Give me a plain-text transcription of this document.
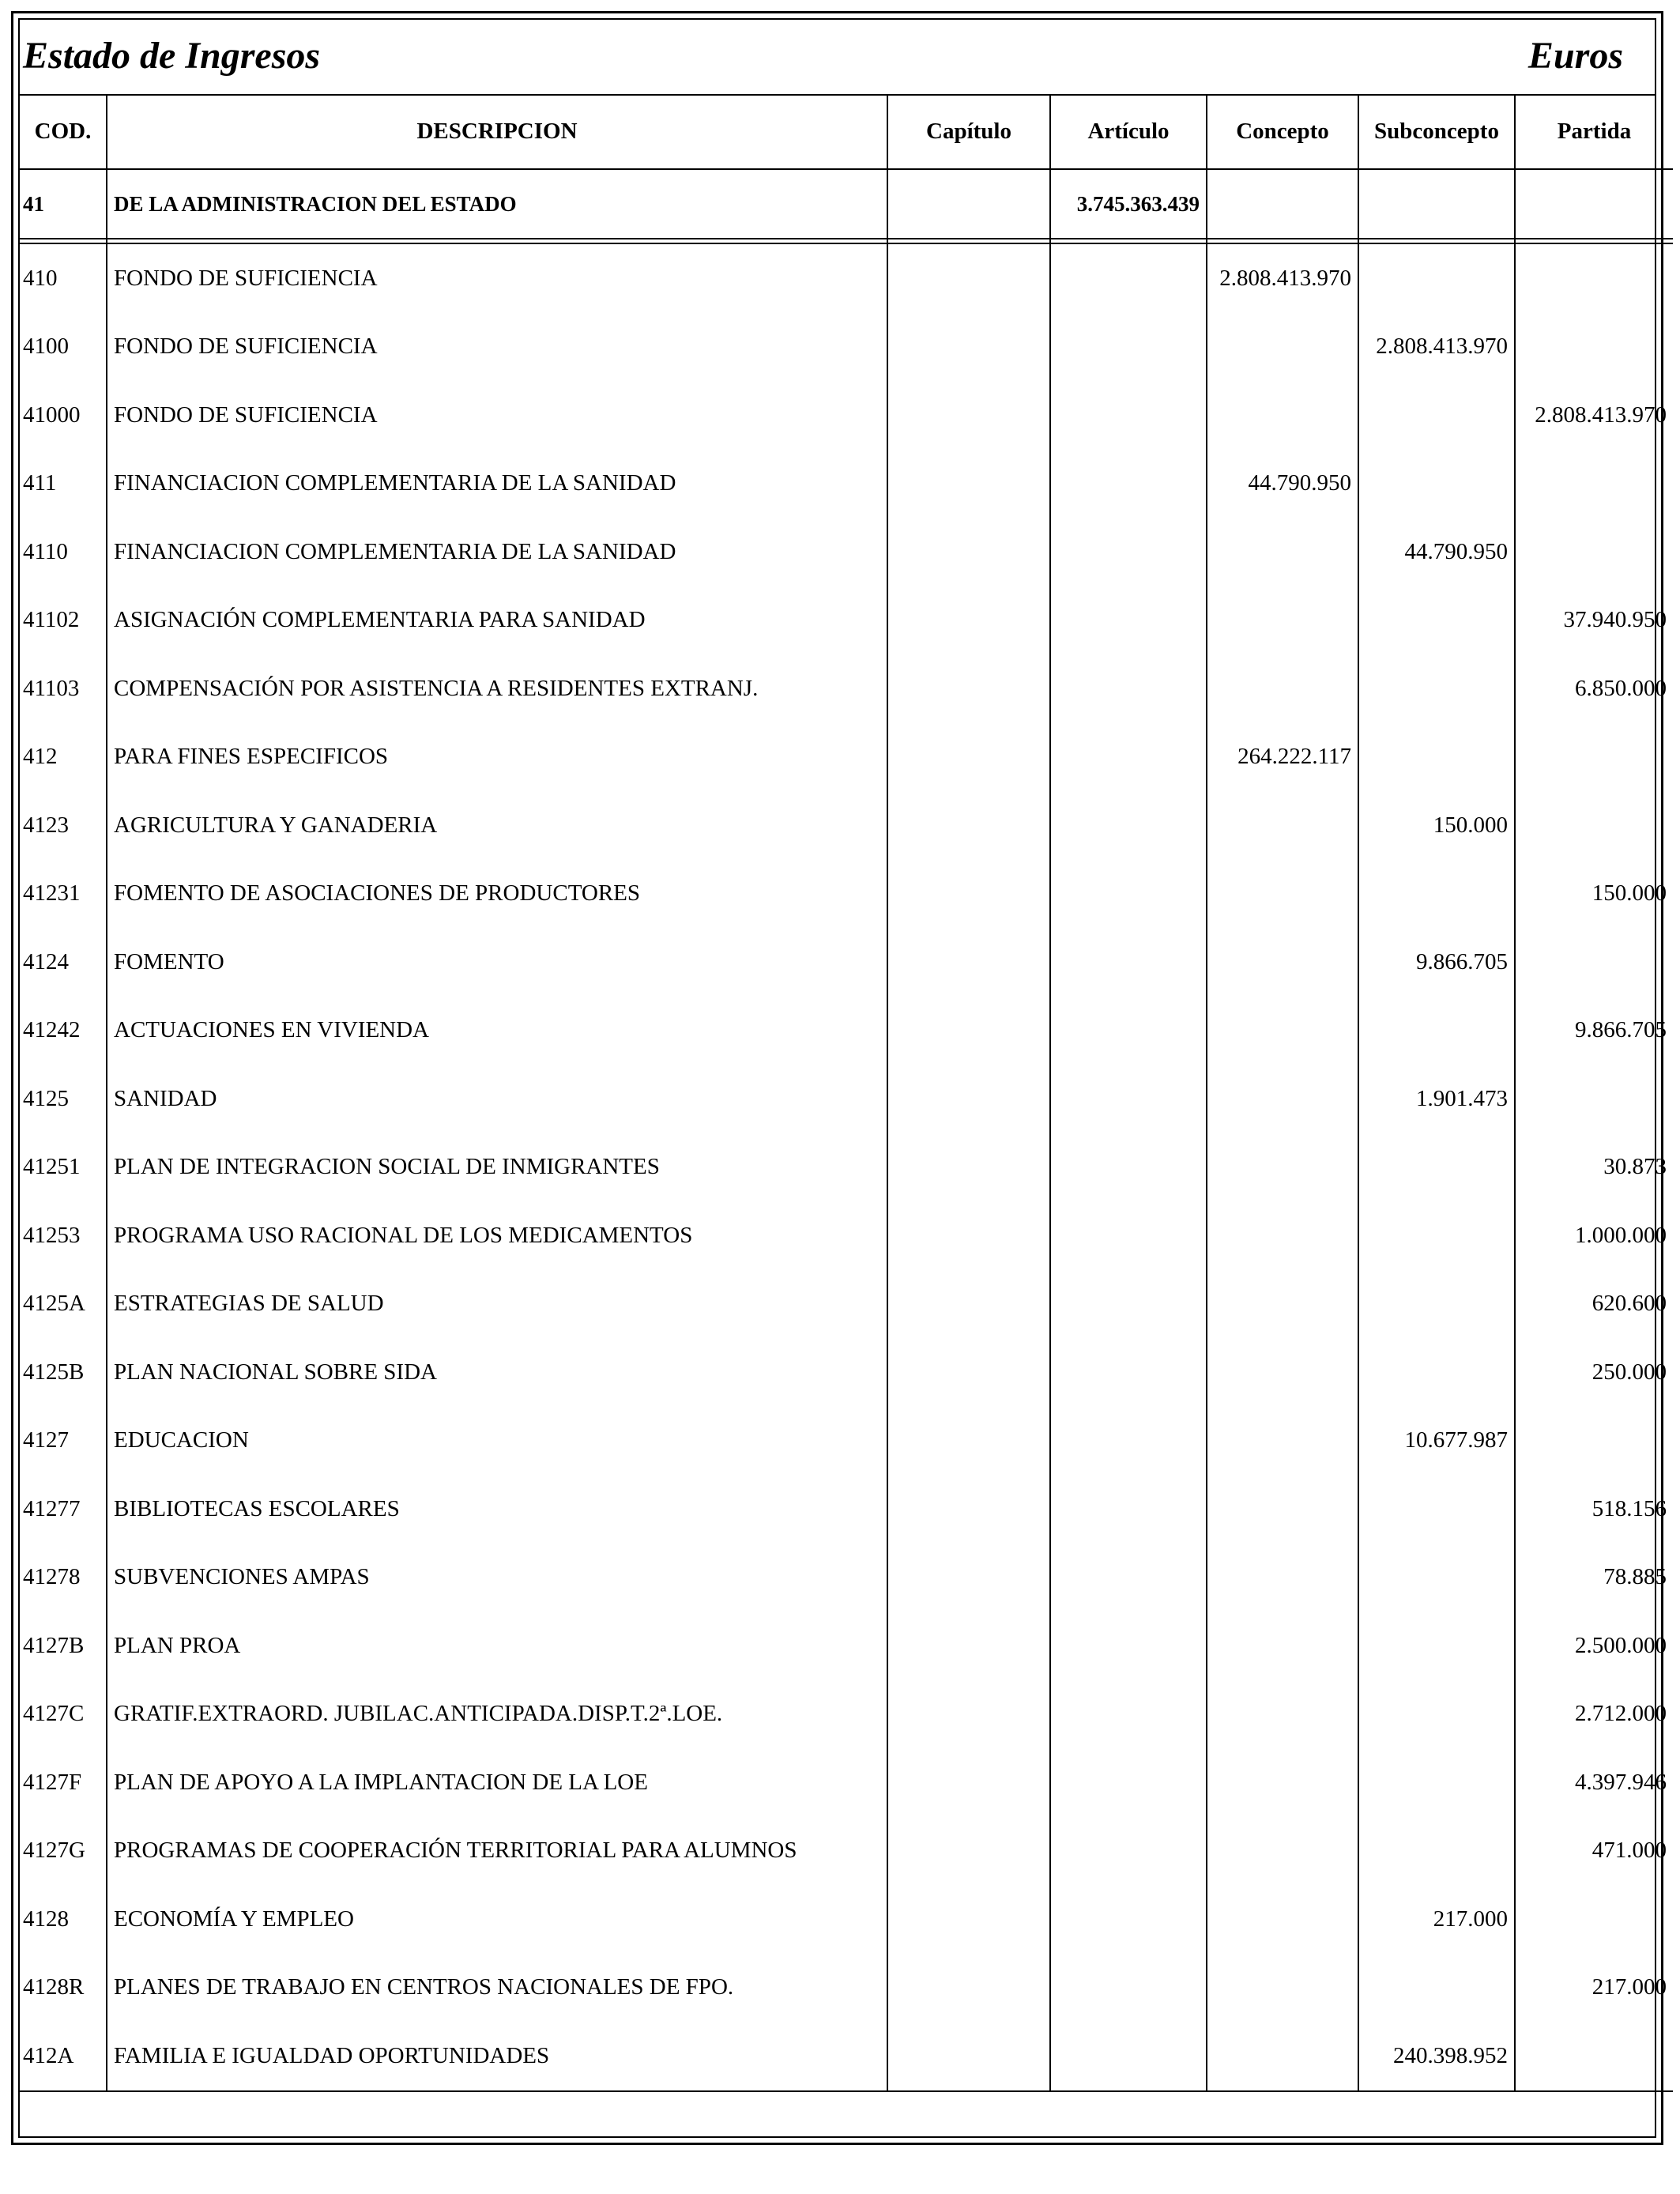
Estado de Ingresos	Euros
COD.	DESCRIPCION	Capítulo	Artículo	Concepto	Subconcepto	Partida
41	DE LA ADMINISTRACION DEL ESTADO		3.745.363.439			

410	FONDO DE SUFICIENCIA			2.808.413.970		
4100	FONDO DE SUFICIENCIA				2.808.413.970	
41000	FONDO DE SUFICIENCIA					2.808.413.970
411	FINANCIACION COMPLEMENTARIA DE LA SANIDAD			44.790.950		
4110	FINANCIACION COMPLEMENTARIA DE LA SANIDAD				44.790.950	
41102	ASIGNACIÓN COMPLEMENTARIA PARA SANIDAD					37.940.950
41103	COMPENSACIÓN POR ASISTENCIA A RESIDENTES EXTRANJ.					6.850.000
412	PARA FINES ESPECIFICOS			264.222.117		
4123	AGRICULTURA Y GANADERIA				150.000	
41231	FOMENTO DE ASOCIACIONES DE PRODUCTORES					150.000
4124	FOMENTO				9.866.705	
41242	ACTUACIONES EN VIVIENDA					9.866.705
4125	SANIDAD				1.901.473	
41251	PLAN DE INTEGRACION SOCIAL DE INMIGRANTES					30.873
41253	PROGRAMA USO RACIONAL DE LOS MEDICAMENTOS					1.000.000
4125A	ESTRATEGIAS DE SALUD					620.600
4125B	PLAN NACIONAL SOBRE SIDA					250.000
4127	EDUCACION				10.677.987	
41277	BIBLIOTECAS ESCOLARES					518.156
41278	SUBVENCIONES AMPAS					78.885
4127B	PLAN PROA					2.500.000
4127C	GRATIF.EXTRAORD. JUBILAC.ANTICIPADA.DISP.T.2ª.LOE.					2.712.000
4127F	PLAN DE APOYO A LA IMPLANTACION DE LA LOE					4.397.946
4127G	PROGRAMAS DE COOPERACIÓN TERRITORIAL PARA ALUMNOS					471.000
4128	ECONOMÍA Y EMPLEO				217.000	
4128R	PLANES DE TRABAJO EN CENTROS NACIONALES DE FPO.					217.000
412A	FAMILIA E IGUALDAD OPORTUNIDADES				240.398.952	
